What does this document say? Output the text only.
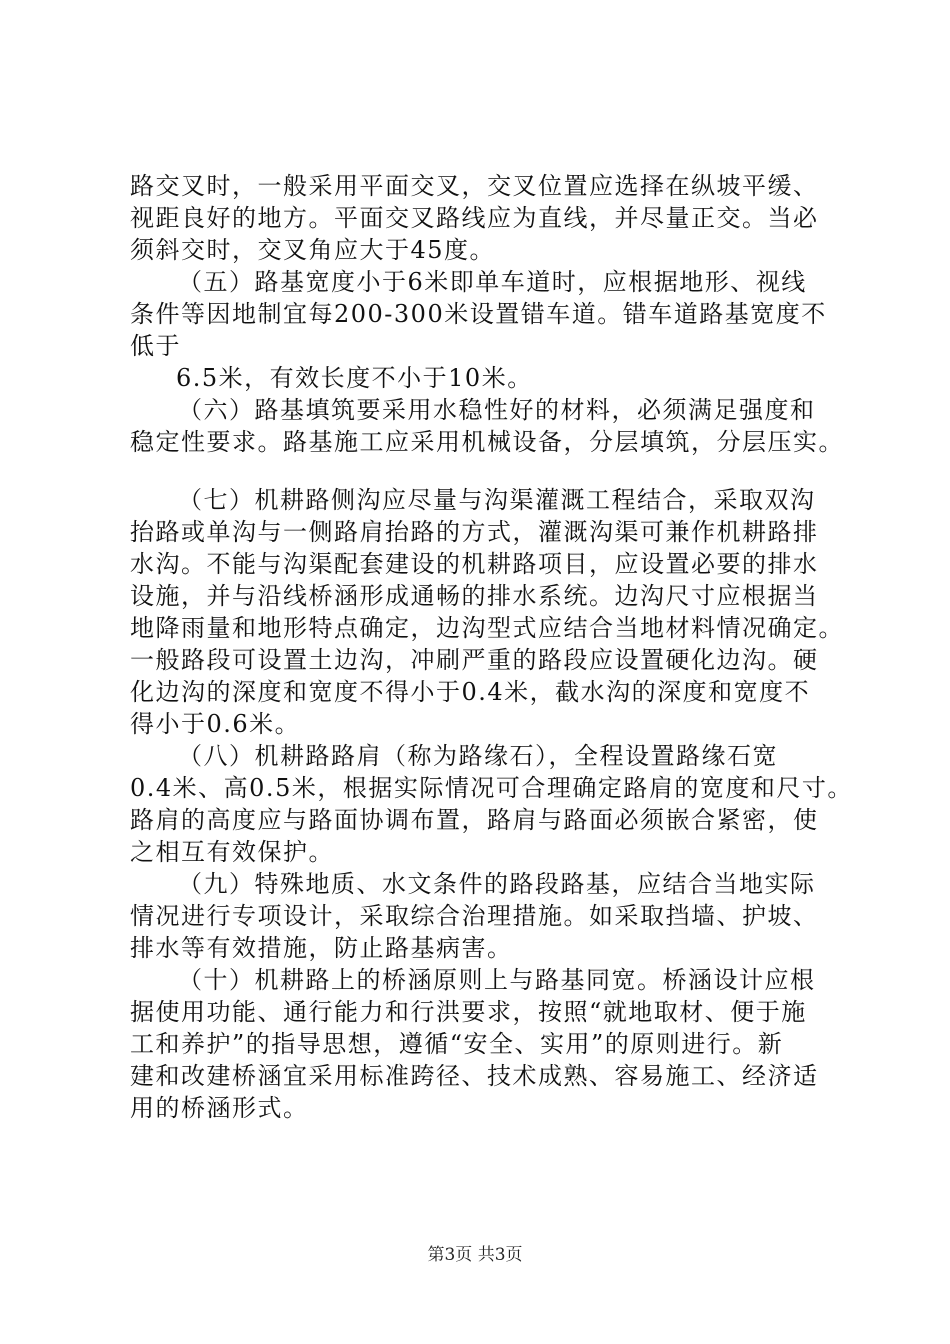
路交叉时，一般采用平面交叉，交叉位置应选择在纵坡平缓、
视距良好的地方。平面交叉路线应为直线，并尽量正交。当必
须斜交时，交叉角应大于45度。
（五）路基宽度小于6米即单车道时，应根据地形、视线
条件等因地制宜每200-300米设置错车道。错车道路基宽度不
低于
6.5米，有效长度不小于10米。
（六）路基填筑要采用水稳性好的材料，必须满足强度和
稳定性要求。路基施工应采用机械设备，分层填筑，分层压实。
（七）机耕路侧沟应尽量与沟渠灌溉工程结合，采取双沟
抬路或单沟与一侧路肩抬路的方式，灌溉沟渠可兼作机耕路排
水沟。不能与沟渠配套建设的机耕路项目，应设置必要的排水
设施，并与沿线桥涵形成通畅的排水系统。边沟尺寸应根据当
地降雨量和地形特点确定，边沟型式应结合当地材料情况确定。
一般路段可设置土边沟，冲刷严重的路段应设置硬化边沟。硬
化边沟的深度和宽度不得小于0.4米，截水沟的深度和宽度不
得小于0.6米。
（八）机耕路路肩（称为路缘石），全程设置路缘石宽
0.4米、高0.5米，根据实际情况可合理确定路肩的宽度和尺寸。
路肩的高度应与路面协调布置，路肩与路面必须嵌合紧密，使
之相互有效保护。
（九）特殊地质、水文条件的路段路基，应结合当地实际
情况进行专项设计，采取综合治理措施。如采取挡墙、护坡、
排水等有效措施，防止路基病害。
（十）机耕路上的桥涵原则上与路基同宽。桥涵设计应根
据使用功能、通行能力和行洪要求，按照“就地取材、便于施
工和养护”的指导思想，遵循“安全、实用”的原则进行。新
建和改建桥涵宜采用标准跨径、技术成熟、容易施工、经济适
用的桥涵形式。
第3页 共3页
